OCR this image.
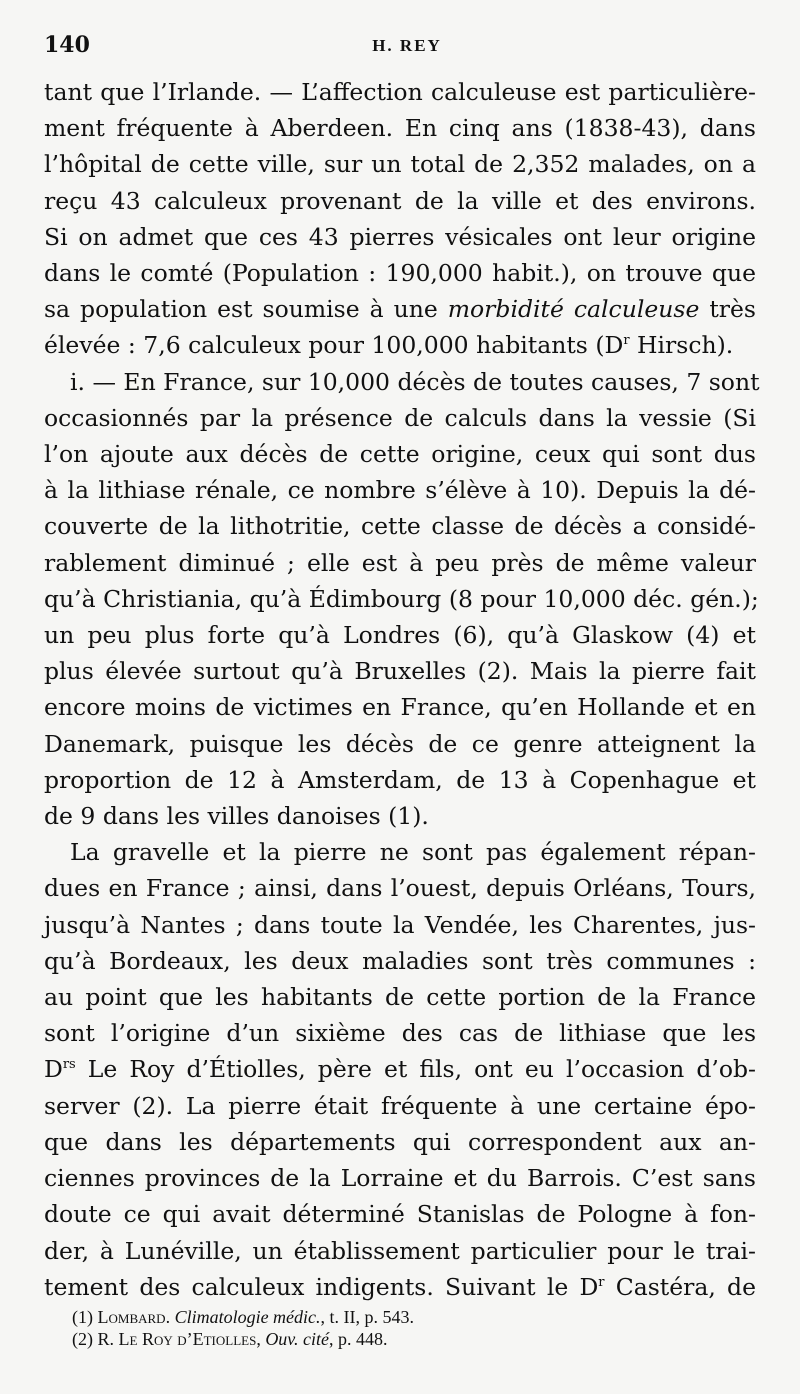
140	H. REY
tant que l’Irlande. — L’affection calculeuse est particulière-
ment fréquente à Aberdeen. En cinq ans (1838-43), dans
l’hôpital de cette ville, sur un total de 2,352 malades, on a
reçu 43 calculeux provenant de la ville et des environs.
Si on admet que ces 43 pierres vésicales ont leur origine
dans le comté (Population : 190,000 habit.), on trouve que
sa population est soumise à une morbidité calculeuse très
élevée : 7,6 calculeux pour 100,000 habitants ($D^r$ Hirsch).
i. — En France, sur 10,000 décès de toutes causes, 7 sont
occasionnés par la présence de calculs dans la vessie (Si
l’on ajoute aux décès de cette origine, ceux qui sont dus
à la lithiase rénale, ce nombre s’élève à 10). Depuis la dé-
couverte de la lithotritie, cette classe de décès a considé-
rablement diminué ; elle est à peu près de même valeur
qu’à Christiania, qu’à Édimbourg (8 pour 10,000 déc. gén.);
un peu plus forte qu’à Londres (6), qu’à Glaskow (4) et
plus élevée surtout qu’à Bruxelles (2). Mais la pierre fait
encore moins de victimes en France, qu’en Hollande et en
Danemark, puisque les décès de ce genre atteignent la
proportion de 12 à Amsterdam, de 13 à Copenhague et
de 9 dans les villes danoises (1).
La gravelle et la pierre ne sont pas également répan-
dues en France ; ainsi, dans l’ouest, depuis Orléans, Tours,
jusqu’à Nantes ; dans toute la Vendée, les Charentes, jus-
qu’à Bordeaux, les deux maladies sont très communes :
au point que les habitants de cette portion de la France
sont l’origine d’un sixième des cas de lithiase que les
$D^{rs}$ Le Roy d’Étiolles, père et fils, ont eu l’occasion d’ob-
server (2). La pierre était fréquente à une certaine épo-
que dans les départements qui correspondent aux an-
ciennes provinces de la Lorraine et du Barrois. C’est sans
doute ce qui avait déterminé Stanislas de Pologne à fon-
der, à Lunéville, un établissement particulier pour le trai-
tement des calculeux indigents. Suivant le $D^r$ Castéra, de
(1) Lombard. Climatologie médic., t. II, p. 543.
(2) R. Le Roy d’Etiolles, Ouv. cité, p. 448.
